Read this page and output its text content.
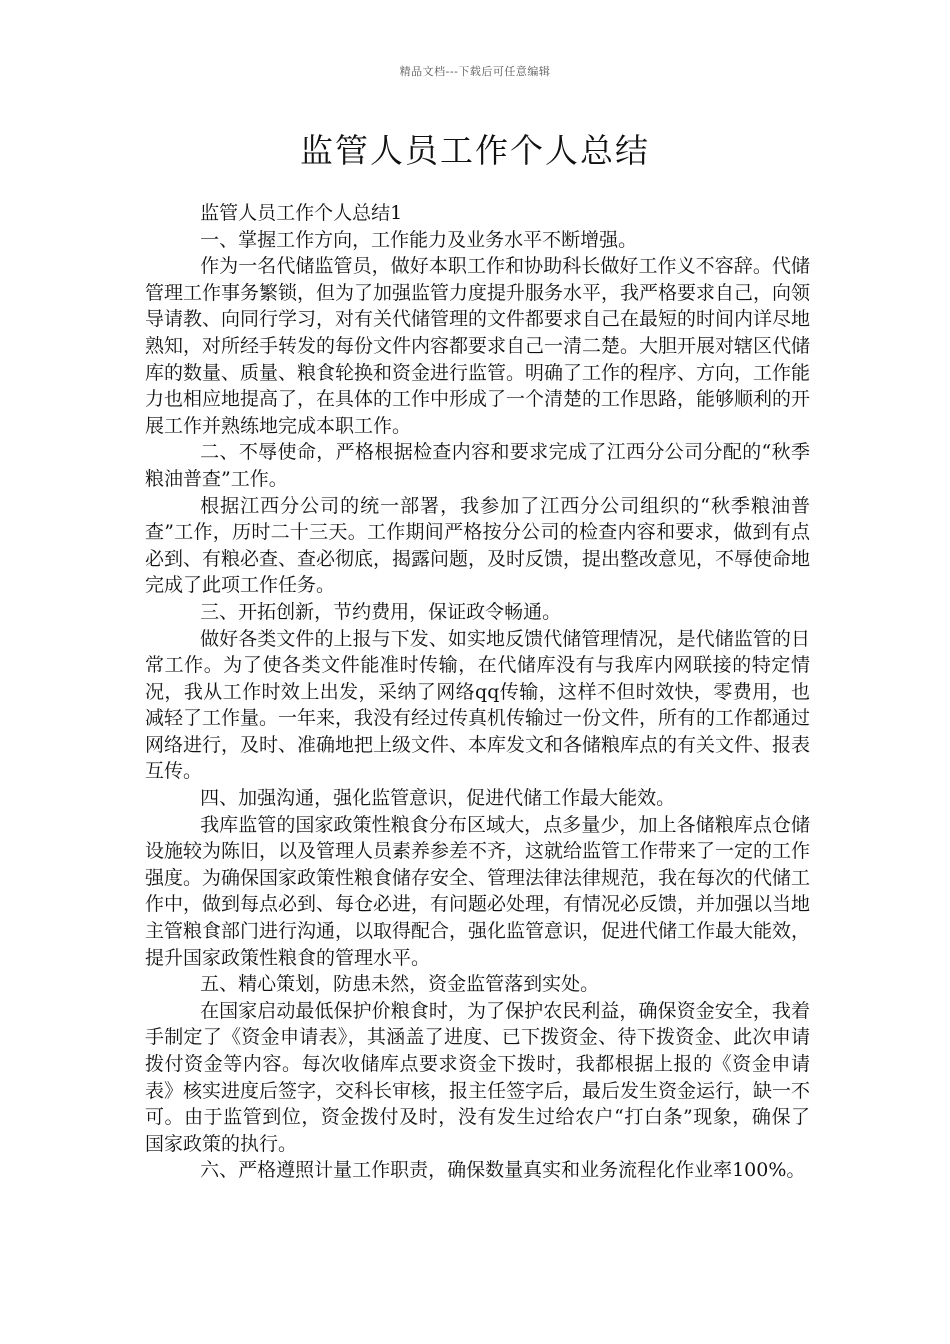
精品文档---下载后可任意编辑
监管人员工作个人总结

监管人员工作个人总结1

一、掌握工作方向，工作能力及业务水平不断增强。

作为一名代储监管员，做好本职工作和协助科长做好工作义不容辞。代储管理工作事务繁锁，但为了加强监管力度提升服务水平，我严格要求自己，向领导请教、向同行学习，对有关代储管理的文件都要求自己在最短的时间内详尽地熟知，对所经手转发的每份文件内容都要求自己一清二楚。大胆开展对辖区代储库的数量、质量、粮食轮换和资金进行监管。明确了工作的程序、方向，工作能力也相应地提高了，在具体的工作中形成了一个清楚的工作思路，能够顺利的开展工作并熟练地完成本职工作。

二、不辱使命，严格根据检查内容和要求完成了江西分公司分配的“秋季粮油普查”工作。

根据江西分公司的统一部署，我参加了江西分公司组织的“秋季粮油普查”工作，历时二十三天。工作期间严格按分公司的检查内容和要求，做到有点必到、有粮必查、查必彻底，揭露问题，及时反馈，提出整改意见，不辱使命地完成了此项工作任务。

三、开拓创新，节约费用，保证政令畅通。

做好各类文件的上报与下发、如实地反馈代储管理情况，是代储监管的日常工作。为了使各类文件能准时传输，在代储库没有与我库内网联接的特定情况，我从工作时效上出发，采纳了网络qq传输，这样不但时效快，零费用，也减轻了工作量。一年来，我没有经过传真机传输过一份文件，所有的工作都通过网络进行，及时、准确地把上级文件、本库发文和各储粮库点的有关文件、报表互传。

四、加强沟通，强化监管意识，促进代储工作最大能效。

我库监管的国家政策性粮食分布区域大，点多量少，加上各储粮库点仓储设施较为陈旧，以及管理人员素养参差不齐，这就给监管工作带来了一定的工作强度。为确保国家政策性粮食储存安全、管理法律法律规范，我在每次的代储工作中，做到每点必到、每仓必进，有问题必处理，有情况必反馈，并加强以当地主管粮食部门进行沟通，以取得配合，强化监管意识，促进代储工作最大能效，提升国家政策性粮食的管理水平。

五、精心策划，防患未然，资金监管落到实处。

在国家启动最低保护价粮食时，为了保护农民利益，确保资金安全，我着手制定了《资金申请表》，其涵盖了进度、已下拨资金、待下拨资金、此次申请拨付资金等内容。每次收储库点要求资金下拨时，我都根据上报的《资金申请表》核实进度后签字，交科长审核，报主任签字后，最后发生资金运行，缺一不可。由于监管到位，资金拨付及时，没有发生过给农户“打白条”现象，确保了国家政策的执行。

六、严格遵照计量工作职责，确保数量真实和业务流程化作业率100%。
